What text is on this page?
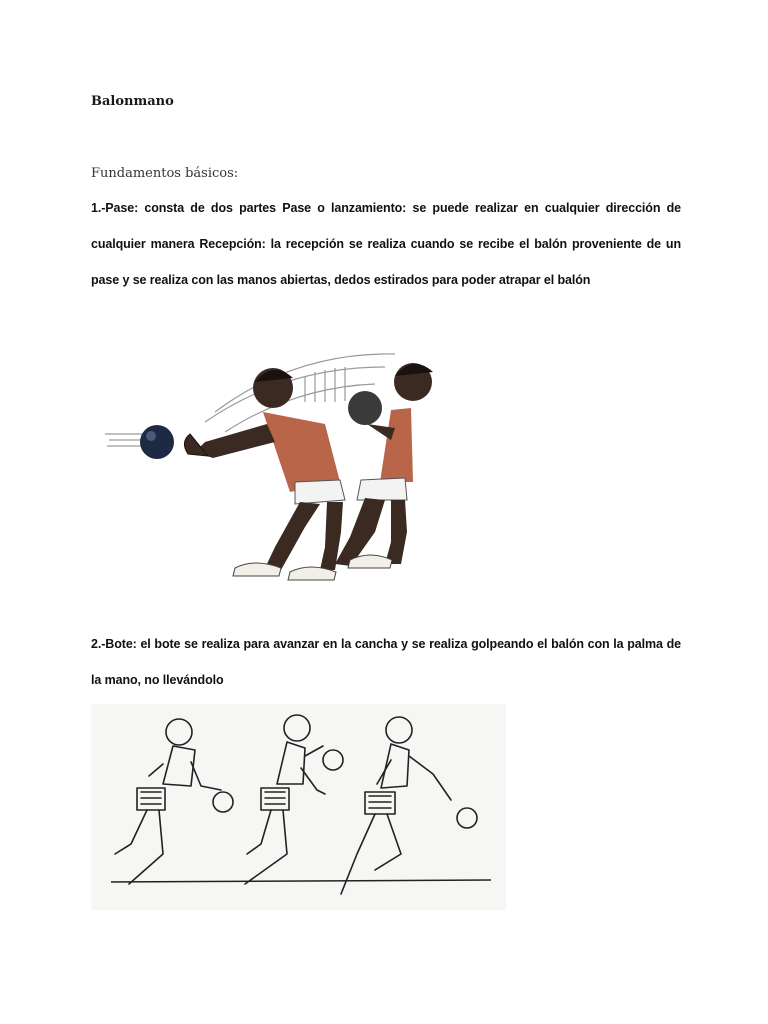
Balonmano

Fundamentos básicos:

1.-Pase: consta de dos partes Pase o lanzamiento: se puede realizar en cualquier dirección de cualquier manera Recepción: la recepción se realiza cuando se recibe el balón proveniente de un pase y se realiza con las manos abiertas, dedos estirados para poder atrapar el balón

2.-Bote: el bote se realiza para avanzar en la cancha y se realiza golpeando el balón con la palma de la mano, no llevándolo
